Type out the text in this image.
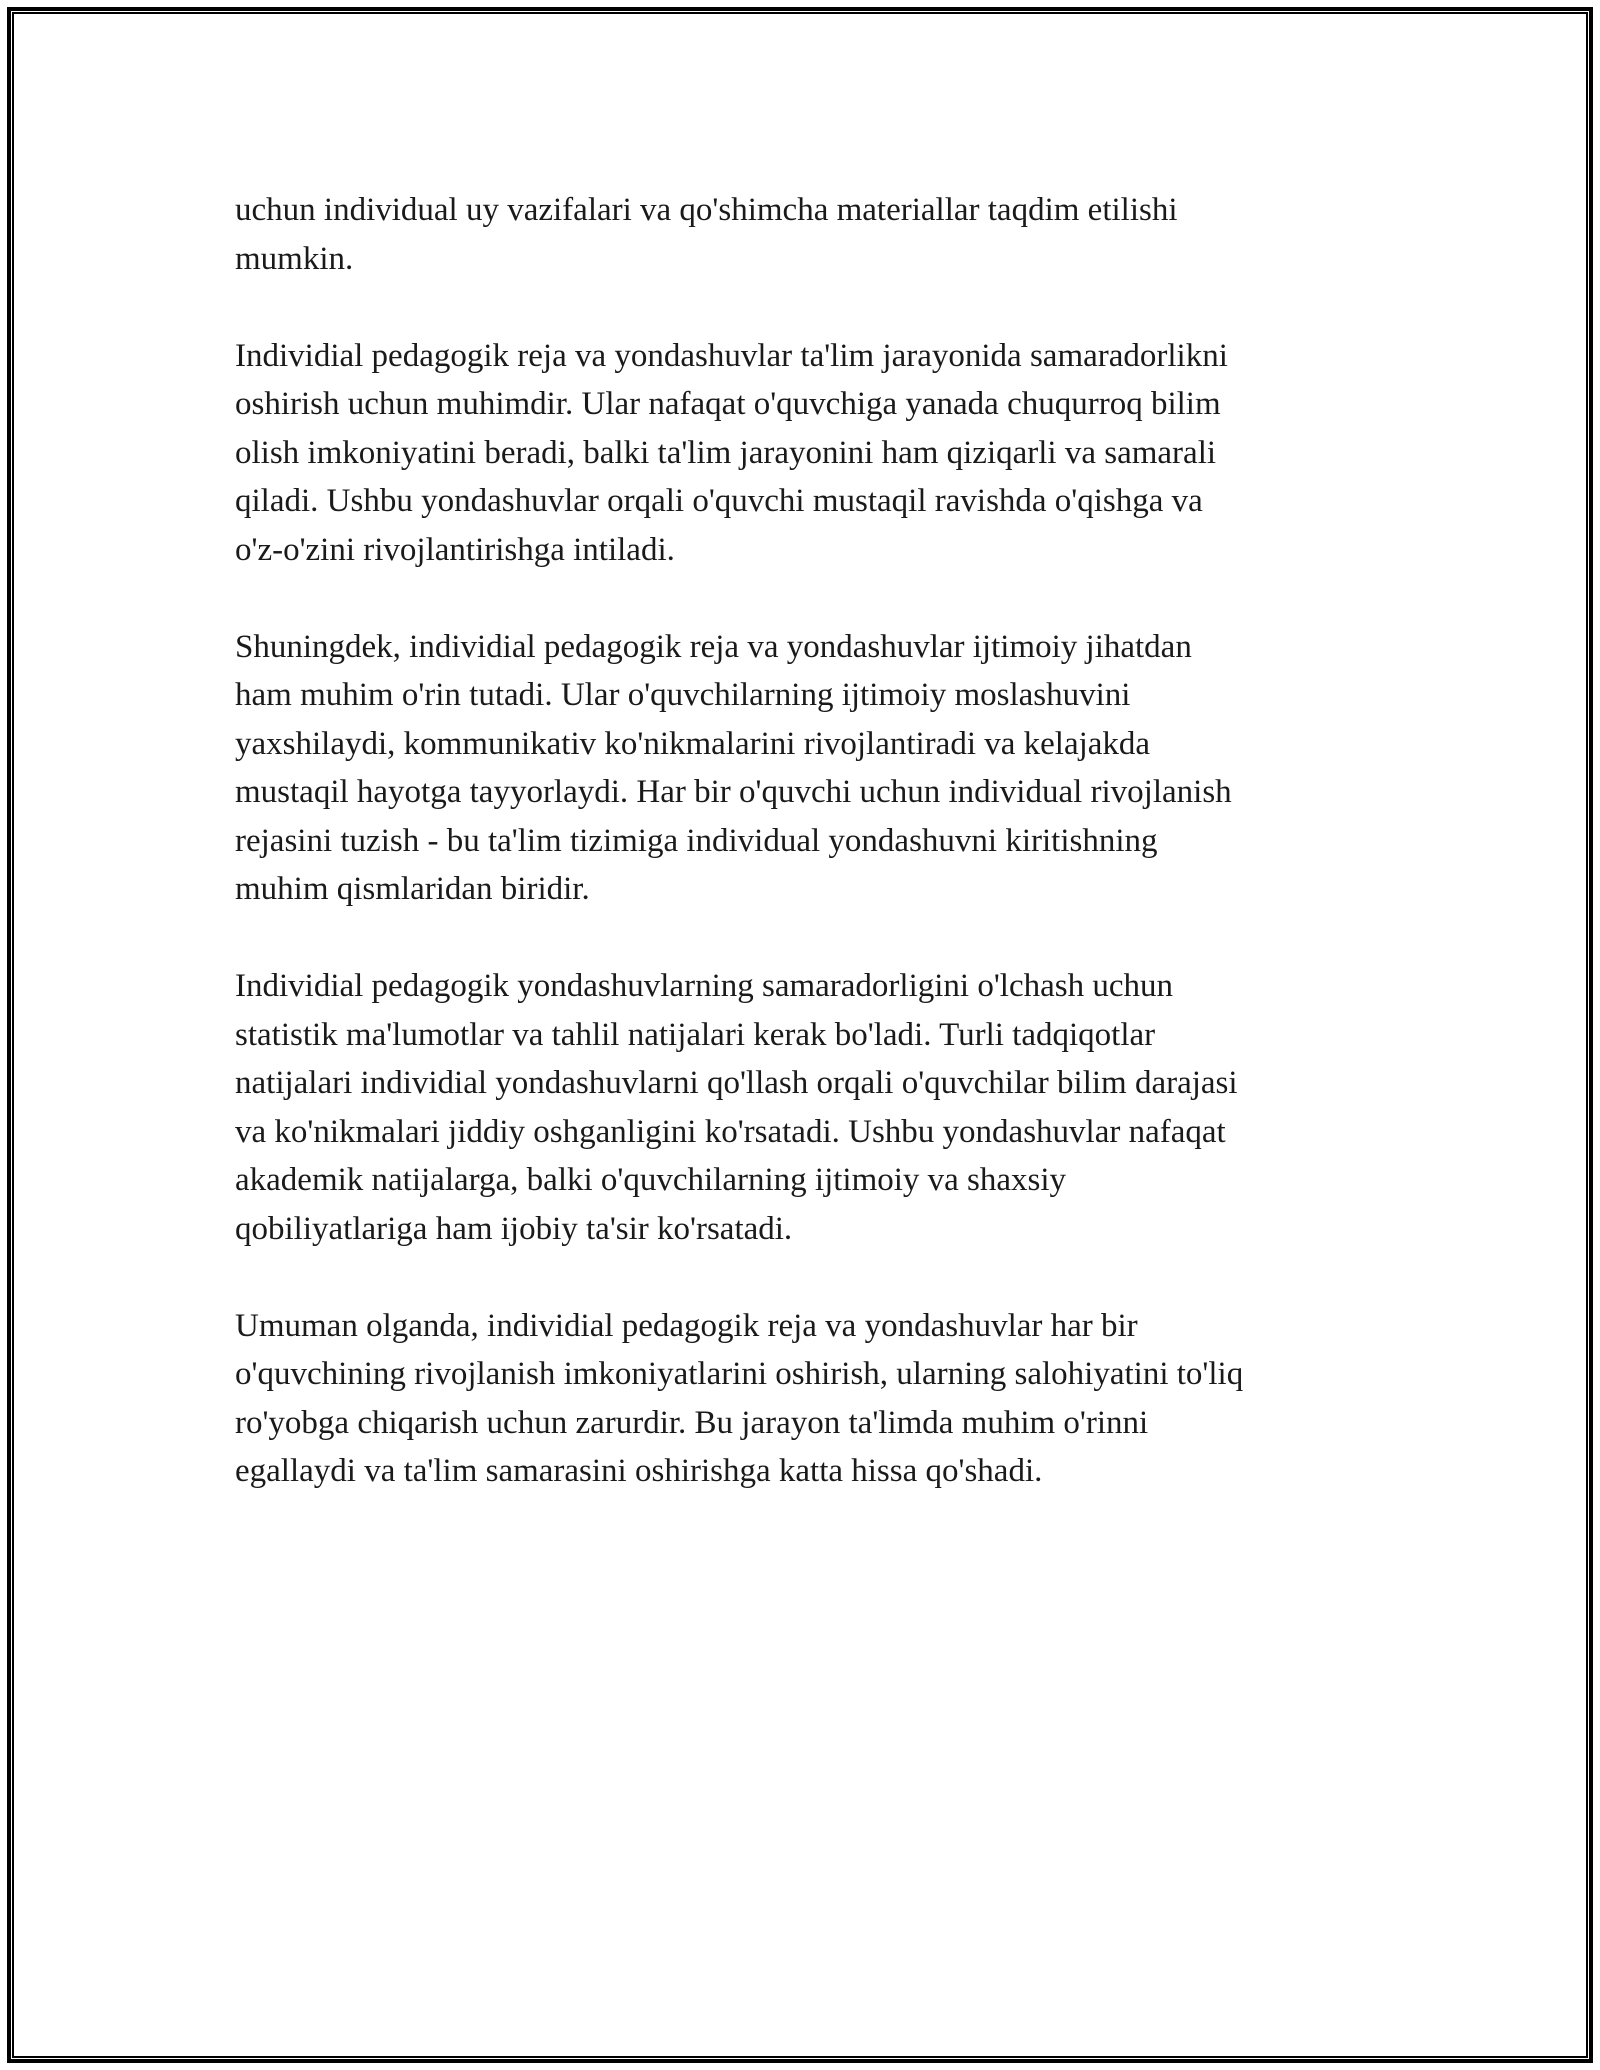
uchun individual uy vazifalari va qo'shimcha materiallar taqdim etilishi
mumkin.

Individial pedagogik reja va yondashuvlar ta'lim jarayonida samaradorlikni
oshirish uchun muhimdir. Ular nafaqat o'quvchiga yanada chuqurroq bilim
olish imkoniyatini beradi, balki ta'lim jarayonini ham qiziqarli va samarali
qiladi. Ushbu yondashuvlar orqali o'quvchi mustaqil ravishda o'qishga va
o'z-o'zini rivojlantirishga intiladi.

Shuningdek, individial pedagogik reja va yondashuvlar ijtimoiy jihatdan
ham muhim o'rin tutadi. Ular o'quvchilarning ijtimoiy moslashuvini
yaxshilaydi, kommunikativ ko'nikmalarini rivojlantiradi va kelajakda
mustaqil hayotga tayyorlaydi. Har bir o'quvchi uchun individual rivojlanish
rejasini tuzish - bu ta'lim tizimiga individual yondashuvni kiritishning
muhim qismlaridan biridir.

Individial pedagogik yondashuvlarning samaradorligini o'lchash uchun
statistik ma'lumotlar va tahlil natijalari kerak bo'ladi. Turli tadqiqotlar
natijalari individial yondashuvlarni qo'llash orqali o'quvchilar bilim darajasi
va ko'nikmalari jiddiy oshganligini ko'rsatadi. Ushbu yondashuvlar nafaqat
akademik natijalarga, balki o'quvchilarning ijtimoiy va shaxsiy
qobiliyatlariga ham ijobiy ta'sir ko'rsatadi.

Umuman olganda, individial pedagogik reja va yondashuvlar har bir
o'quvchining rivojlanish imkoniyatlarini oshirish, ularning salohiyatini to'liq
ro'yobga chiqarish uchun zarurdir. Bu jarayon ta'limda muhim o'rinni
egallaydi va ta'lim samarasini oshirishga katta hissa qo'shadi.
